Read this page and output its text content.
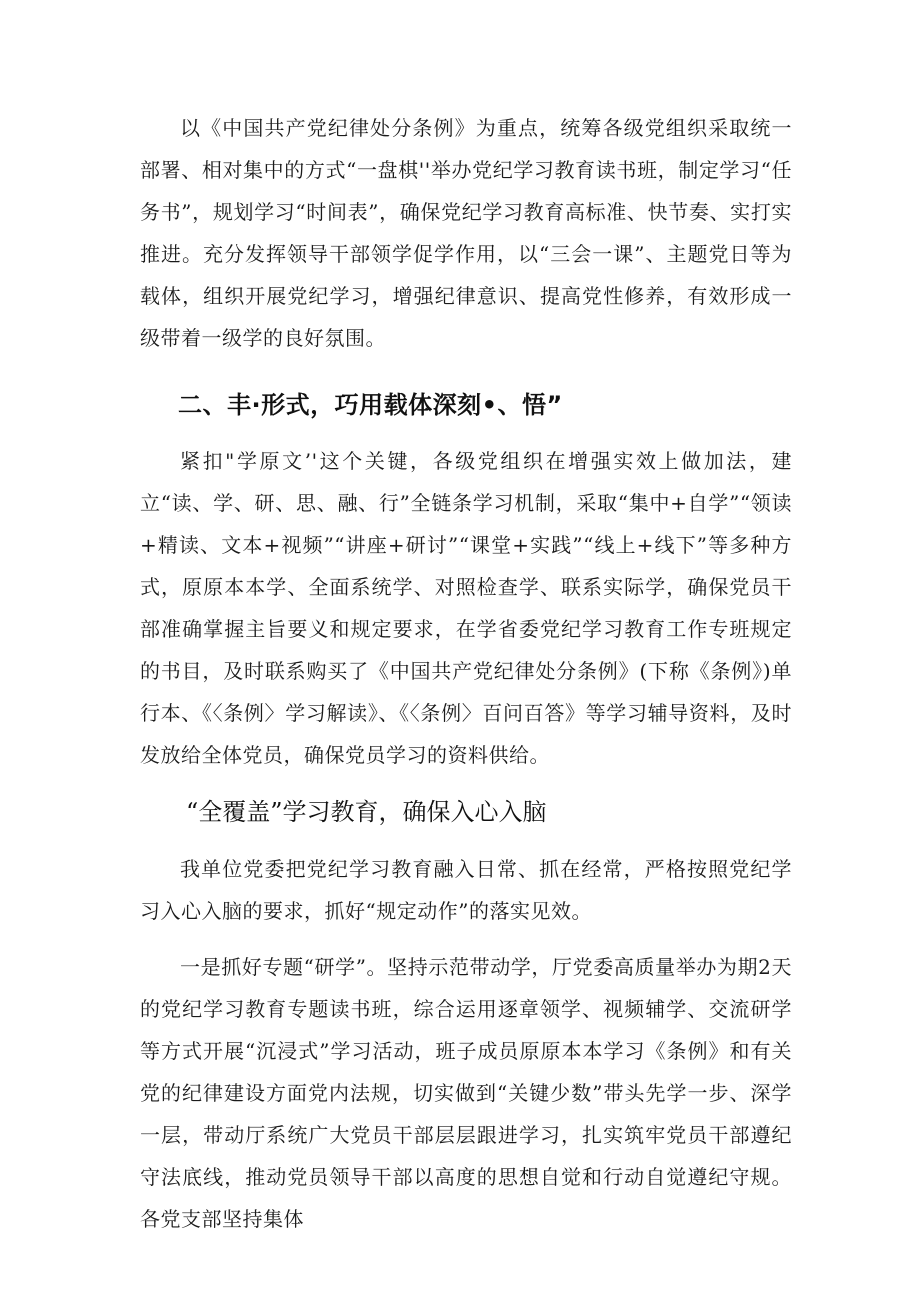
以《中国共产党纪律处分条例》为重点，统筹各级党组织采取统一部署、相对集中的方式“一盘棋''举办党纪学习教育读书班，制定学习“任务书”，规划学习“时间表”，确保党纪学习教育高标准、快节奏、实打实推进。充分发挥领导干部领学促学作用，以“三会一课”、主题党日等为载体，组织开展党纪学习，增强纪律意识、提高党性修养，有效形成一级带着一级学的良好氛围。

二、丰·形式，巧用载体深刻•、悟”

紧扣"学原文’'这个关键，各级党组织在增强实效上做加法，建立“读、学、研、思、融、行”全链条学习机制，采取“集中+自学”“领读+精读、文本+视频”“讲座+研讨”“课堂+实践”“线上+线下”等多种方式，原原本本学、全面系统学、对照检查学、联系实际学，确保党员干部准确掌握主旨要义和规定要求，在学省委党纪学习教育工作专班规定的书目，及时联系购买了《中国共产党纪律处分条例》(下称《条例》)单行本、《〈条例〉学习解读》、《〈条例〉百问百答》等学习辅导资料，及时发放给全体党员，确保党员学习的资料供给。

“全覆盖”学习教育，确保入心入脑

我单位党委把党纪学习教育融入日常、抓在经常，严格按照党纪学习入心入脑的要求，抓好“规定动作”的落实见效。

一是抓好专题“研学”。坚持示范带动学，厅党委高质量举办为期2天的党纪学习教育专题读书班，综合运用逐章领学、视频辅学、交流研学等方式开展“沉浸式”学习活动，班子成员原原本本学习《条例》和有关党的纪律建设方面党内法规，切实做到“关键少数”带头先学一步、深学一层，带动厅系统广大党员干部层层跟进学习，扎实筑牢党员干部遵纪守法底线，推动党员领导干部以高度的思想自觉和行动自觉遵纪守规。各党支部坚持集体
